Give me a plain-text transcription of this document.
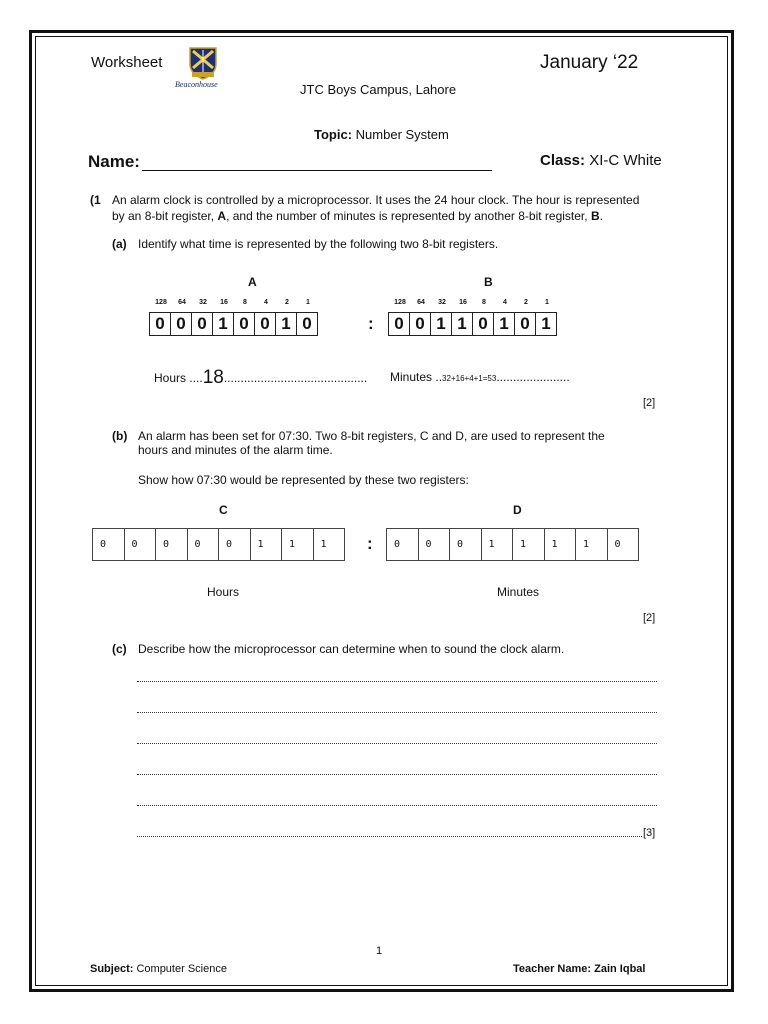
Worksheet
Beaconhouse
January ‘22
JTC Boys Campus, Lahore
Topic: Number System
Name:	Class: XI-C White
(1 An alarm clock is controlled by a microprocessor. It uses the 24 hour clock. The hour is represented
by an 8-bit register, A, and the number of minutes is represented by another 8-bit register, B.
(a) Identify what time is represented by the following two 8-bit registers.
A	B
128	64	32	16	8	4	2	1	128	64	32	16	8	4	2	1
0 0 0 1 0 0 1 0	:	0 0 1 1 0 1 0 1
Hours ....18........................................... Minutes ..32+16+4+1=53......................
[2]
(b) An alarm has been set for 07:30. Two 8-bit registers, C and D, are used to represent the
hours and minutes of the alarm time.
Show how 07:30 would be represented by these two registers:
C	D
0	0	0	0	0	1	1	1	:	0	0	0	1	1	1	1	0
Hours	Minutes
[2]
(c) Describe how the microprocessor can determine when to sound the clock alarm.
[3]
1
Subject: Computer Science	Teacher Name: Zain Iqbal
